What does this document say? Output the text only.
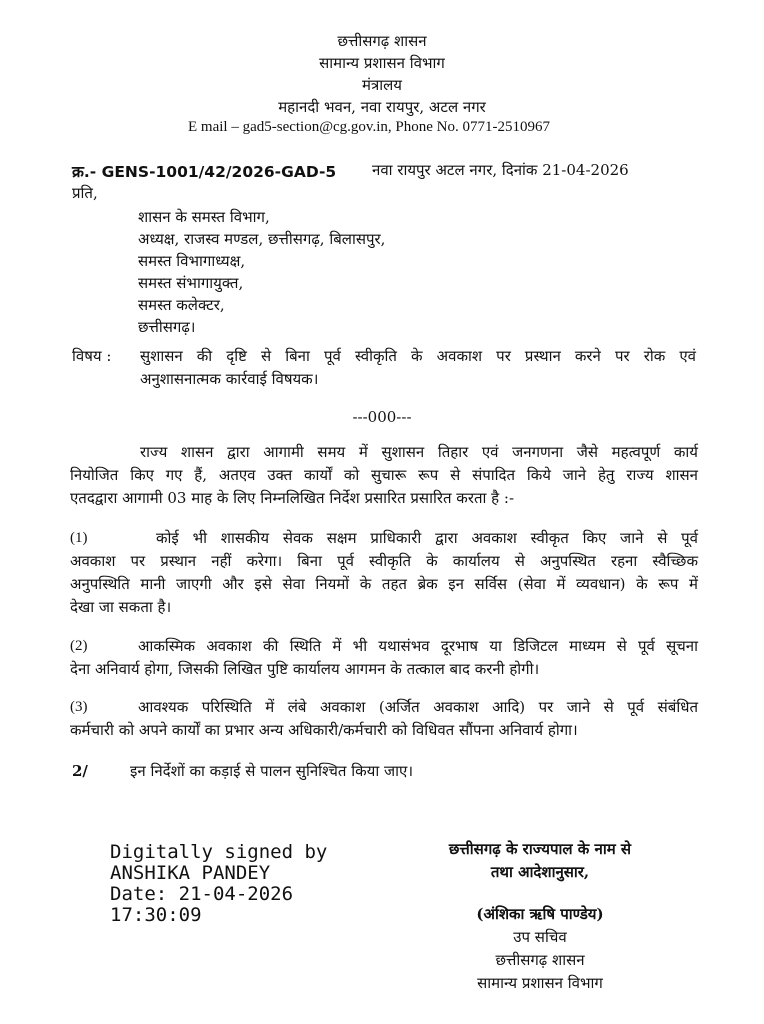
छत्तीसगढ़ शासन
सामान्य प्रशासन विभाग
मंत्रालय
महानदी भवन, नवा रायपुर, अटल नगर
E mail – gad5-section@cg.gov.in, Phone No. 0771-2510967
क्र.- GENS-1001/42/2026-GAD-5 नवा रायपुर अटल नगर, दिनांक 21-04-2026
प्रति,
शासन के समस्त विभाग,
अध्यक्ष, राजस्व मण्डल, छत्तीसगढ़, बिलासपुर,
समस्त विभागाध्यक्ष,
समस्त संभागायुक्त,
समस्त कलेक्टर,
छत्तीसगढ़।
विषय : सुशासन की दृष्टि से बिना पूर्व स्वीकृति के अवकाश पर प्रस्थान करने पर रोक एवं
अनुशासनात्मक कार्रवाई विषयक।
---000---
राज्य शासन द्वारा आगामी समय में सुशासन तिहार एवं जनगणना जैसे महत्वपूर्ण कार्य
नियोजित किए गए हैं, अतएव उक्त कार्यों को सुचारू रूप से संपादित किये जाने हेतु राज्य शासन
एतदद्वारा आगामी 03 माह के लिए निम्नलिखित निर्देश प्रसारित प्रसारित करता है :-
(1)	कोई भी शासकीय सेवक सक्षम प्राधिकारी द्वारा अवकाश स्वीकृत किए जाने से पूर्व
अवकाश पर प्रस्थान नहीं करेगा। बिना पूर्व स्वीकृति के कार्यालय से अनुपस्थित रहना स्वैच्छिक
अनुपस्थिति मानी जाएगी और इसे सेवा नियमों के तहत ब्रेक इन सर्विस (सेवा में व्यवधान) के रूप में
देखा जा सकता है।
(2)	आकस्मिक अवकाश की स्थिति में भी यथासंभव दूरभाष या डिजिटल माध्यम से पूर्व सूचना
देना अनिवार्य होगा, जिसकी लिखित पुष्टि कार्यालय आगमन के तत्काल बाद करनी होगी।
(3)	आवश्यक परिस्थिति में लंबे अवकाश (अर्जित अवकाश आदि) पर जाने से पूर्व संबंधित
कर्मचारी को अपने कार्यों का प्रभार अन्य अधिकारी/कर्मचारी को विधिवत सौंपना अनिवार्य होगा।
2/	इन निर्देशों का कड़ाई से पालन सुनिश्चित किया जाए।
Digitally signed by
ANSHIKA PANDEY
Date: 21-04-2026
17:30:09
छत्तीसगढ़ के राज्यपाल के नाम से
तथा आदेशानुसार,
(अंशिका ऋषि पाण्डेय)
उप सचिव
छत्तीसगढ़ शासन
सामान्य प्रशासन विभाग
